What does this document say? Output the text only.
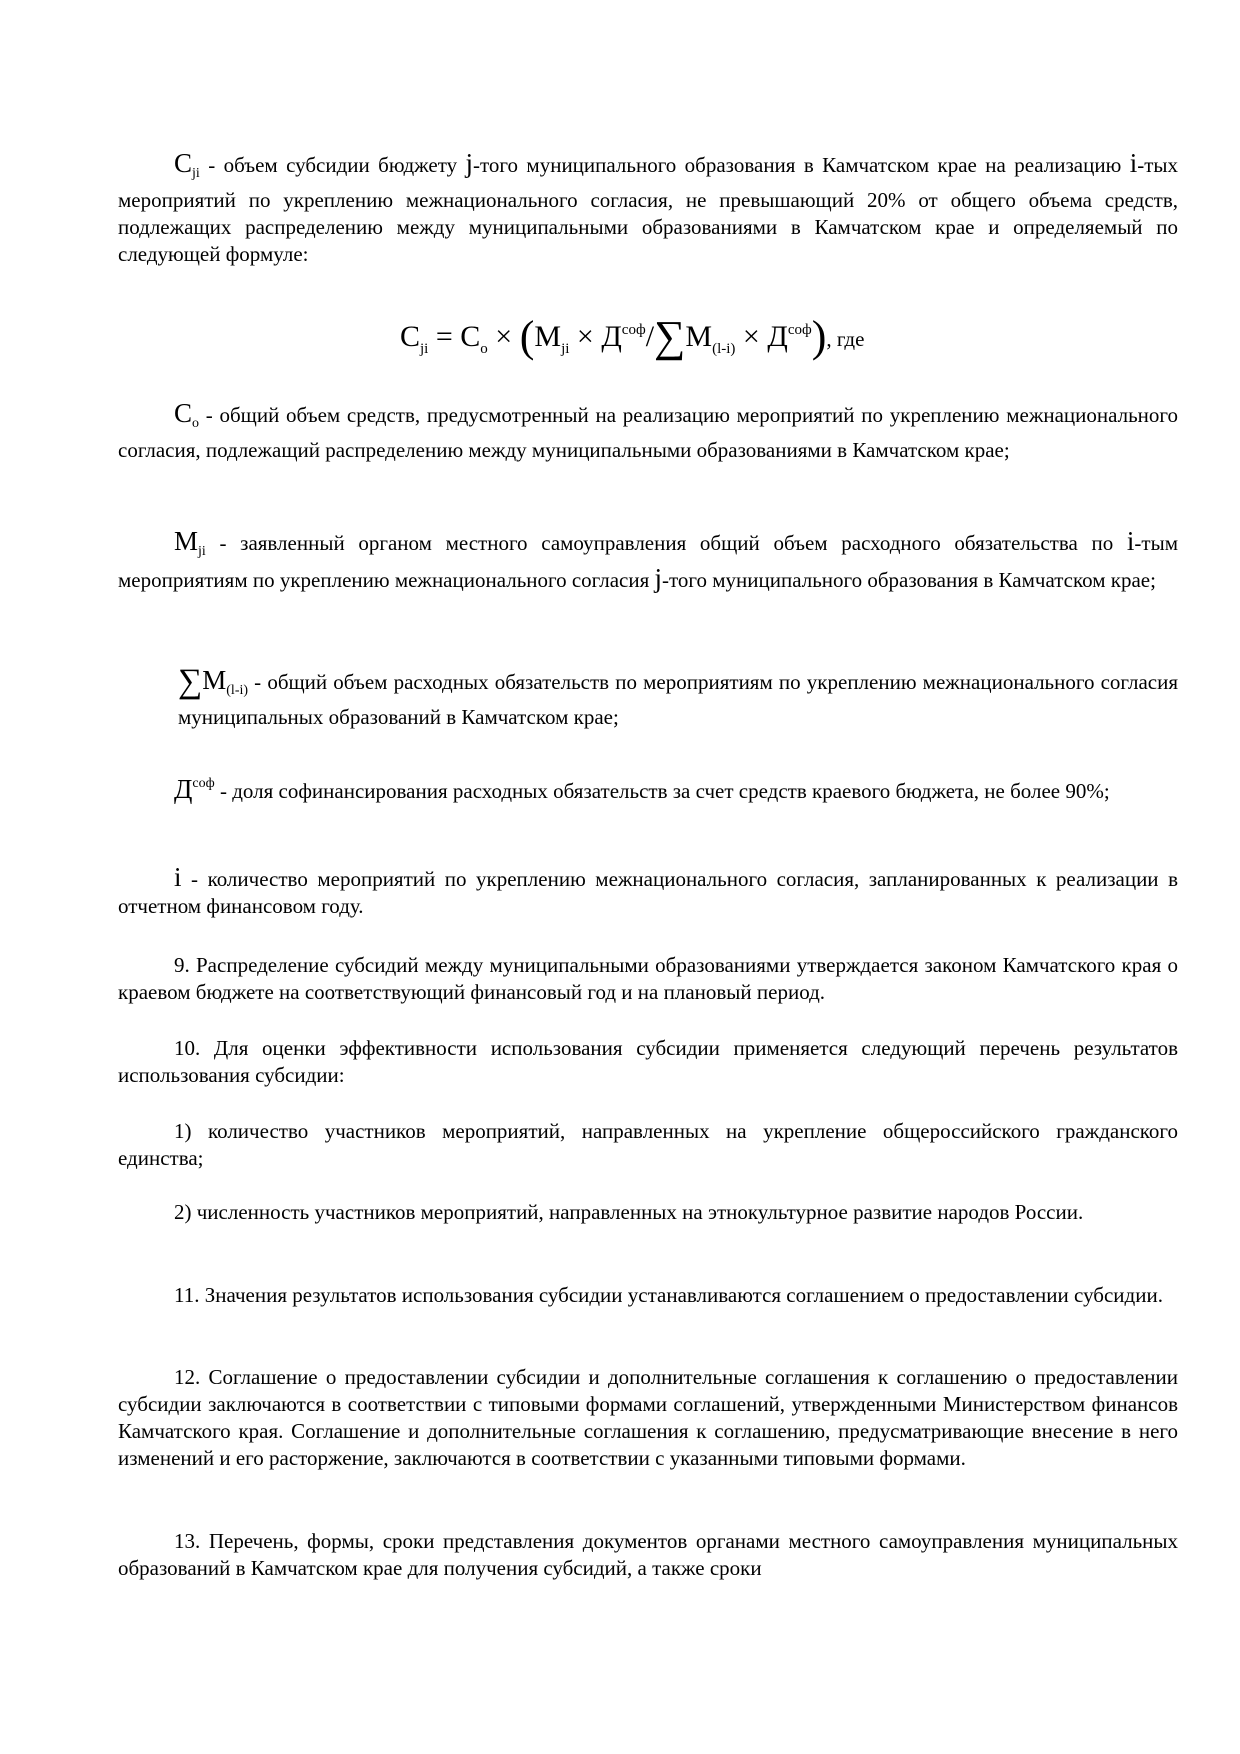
$C_{ji}$ - объем субсидии бюджету j-того муниципального образования в Камчатском крае на реализацию i-тых мероприятий по укреплению межнационального согласия, не превышающий 20% от общего объема средств, подлежащих распределению между муниципальными образованиями в Камчатском крае и определяемый по следующей формуле:

$C_{ji} = C_o \times (M_{ji} \times Д^{соф}/\sum M_{(l-i)} \times Д^{соф})$, где

$C_o$ - общий объем средств, предусмотренный на реализацию мероприятий по укреплению межнационального согласия, подлежащий распределению между муниципальными образованиями в Камчатском крае;

$M_{ji}$ - заявленный органом местного самоуправления общий объем расходного обязательства по i-тым мероприятиям по укреплению межнационального согласия j-того муниципального образования в Камчатском крае;

$\sum M_{(l-i)}$ - общий объем расходных обязательств по мероприятиям по укреплению межнационального согласия муниципальных образований в Камчатском крае;

$Д^{соф}$ - доля софинансирования расходных обязательств за счет средств краевого бюджета, не более 90%;

i - количество мероприятий по укреплению межнационального согласия, запланированных к реализации в отчетном финансовом году.

9. Распределение субсидий между муниципальными образованиями утверждается законом Камчатского края о краевом бюджете на соответствующий финансовый год и на плановый период.

10. Для оценки эффективности использования субсидии применяется следующий перечень результатов использования субсидии:

1) количество участников мероприятий, направленных на укрепление общероссийского гражданского единства;

2) численность участников мероприятий, направленных на этнокультурное развитие народов России.

11. Значения результатов использования субсидии устанавливаются соглашением о предоставлении субсидии.

12. Соглашение о предоставлении субсидии и дополнительные соглашения к соглашению о предоставлении субсидии заключаются в соответствии с типовыми формами соглашений, утвержденными Министерством финансов Камчатского края. Соглашение и дополнительные соглашения к соглашению, предусматривающие внесение в него изменений и его расторжение, заключаются в соответствии с указанными типовыми формами.

13. Перечень, формы, сроки представления документов органами местного самоуправления муниципальных образований в Камчатском крае для получения субсидий, а также сроки
